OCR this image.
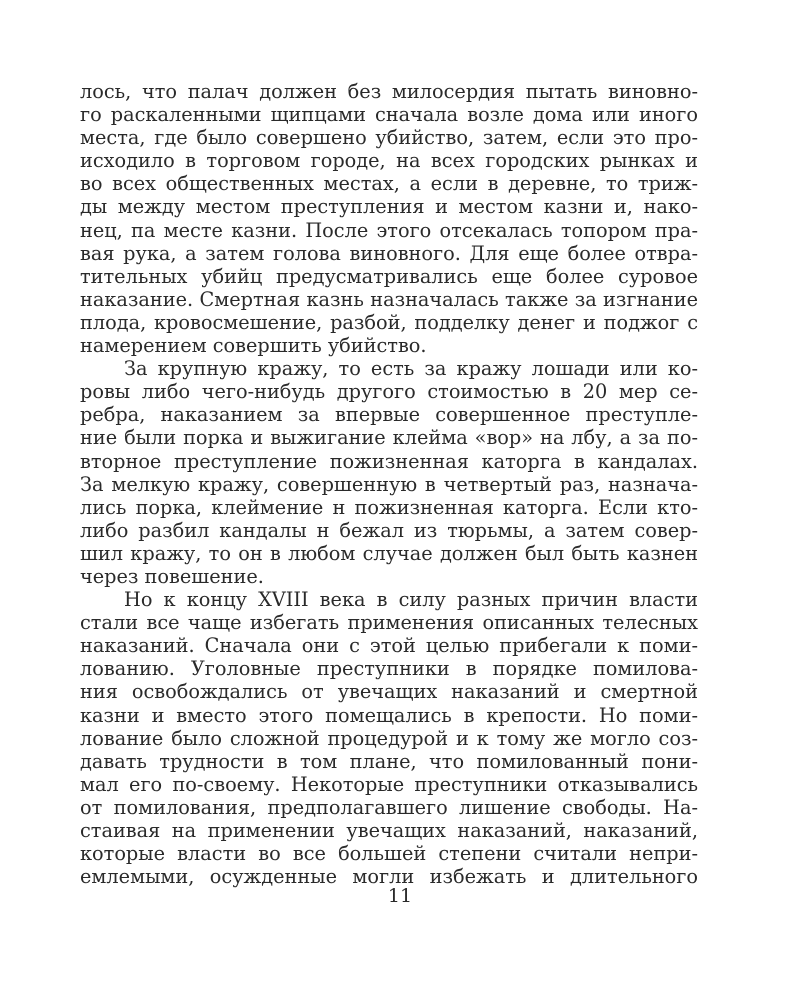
лось, что палач должен без милосердия пытать виновно-
го раскаленными щипцами сначала возле дома или иного
места, где было совершено убийство, затем, если это про-
исходило в торговом городе, на всех городских рынках и
во всех общественных местах, а если в деревне, то триж-
ды между местом преступления и местом казни и, нако-
нец, па месте казни. После этого отсекалась топором пра-
вая рука, а затем голова виновного. Для еще более отвра-
тительных убийц предусматривались еще более суровое
наказание. Смертная казнь назначалась также за изгнание
плода, кровосмешение, разбой, подделку денег и поджог с
намерением совершить убийство.
За крупную кражу, то есть за кражу лошади или ко-
ровы либо чего-нибудь другого стоимостью в 20 мер се-
ребра, наказанием за впервые совершенное преступле-
ние были порка и выжигание клейма «вор» на лбу, а за по-
вторное преступление пожизненная каторга в кандалах.
За мелкую кражу, совершенную в четвертый раз, назнача-
лись порка, клеймение н пожизненная каторга. Если кто-
либо разбил кандалы н бежал из тюрьмы, а затем совер-
шил кражу, то он в любом случае должен был быть казнен
через повешение.
Но к концу XVIII века в силу разных причин власти
стали все чаще избегать применения описанных телесных
наказаний. Сначала они с этой целью прибегали к поми-
лованию. Уголовные преступники в порядке помилова-
ния освобождались от увечащих наказаний и смертной
казни и вместо этого помещались в крепости. Но поми-
лование было сложной процедурой и к тому же могло соз-
давать трудности в том плане, что помилованный пони-
мал его по-своему. Некоторые преступники отказывались
от помилования, предполагавшего лишение свободы. На-
стаивая на применении увечащих наказаний, наказаний,
которые власти во все большей степени считали непри-
емлемыми, осужденные могли избежать и длительного
11
